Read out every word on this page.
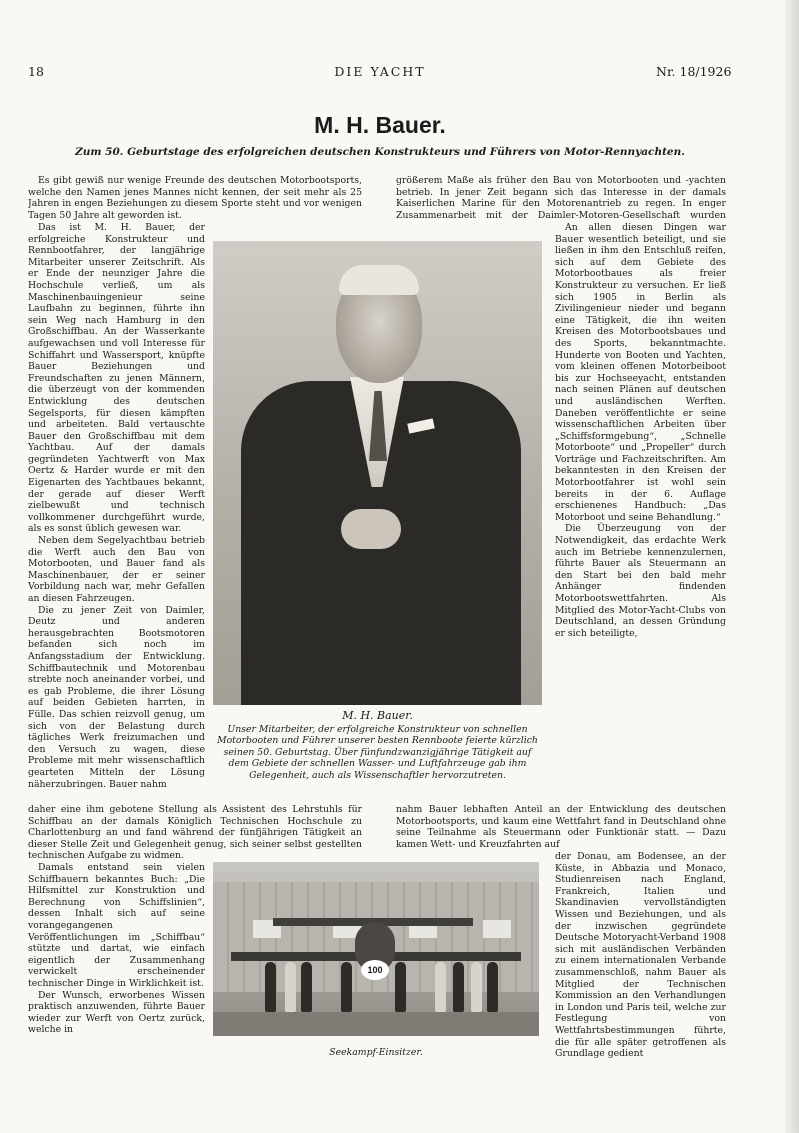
18	DIE YACHT	Nr. 18/1926
M. H. Bauer.
Zum 50. Geburtstage des erfolgreichen deutschen Konstrukteurs und Führers von Motor-Rennyachten.

Es gibt gewiß nur wenige Freunde des deutschen Motorbootsports, welche den Namen jenes Mannes nicht kennen, der seit mehr als 25 Jahren in engen Beziehungen zu diesem Sporte steht und vor wenigen Tagen 50 Jahre alt geworden ist.

Das ist M. H. Bauer, der erfolgreiche Konstrukteur und Rennbootfahrer, der langjährige Mitarbeiter unserer Zeitschrift. Als er Ende der neunziger Jahre die Hochschule verließ, um als Maschinenbauingenieur seine Laufbahn zu beginnen, führte ihn sein Weg nach Hamburg in den Großschiffbau. An der Wasserkante aufgewachsen und voll Interesse für Schiffahrt und Wassersport, knüpfte Bauer Beziehungen und Freundschaften zu jenen Männern, die überzeugt von der kommenden Entwicklung des deutschen Segelsports, für diesen kämpften und arbeiteten. Bald vertauschte Bauer den Großschiffbau mit dem Yachtbau. Auf der damals gegründeten Yachtwerft von Max Oertz & Harder wurde er mit den Eigenarten des Yachtbaues bekannt, der gerade auf dieser Werft zielbewußt und technisch vollkommener durchgeführt wurde, als es sonst üblich gewesen war.

Neben dem Segelyachtbau betrieb die Werft auch den Bau von Motorbooten, und Bauer fand als Maschinenbauer, der er seiner Vorbildung nach war, mehr Gefallen an diesen Fahrzeugen.

Die zu jener Zeit von Daimler, Deutz und anderen herausgebrachten Bootsmotoren befanden sich noch im Anfangsstadium der Entwicklung. Schiffbautechnik und Motorenbau strebte noch aneinander vorbei, und es gab Probleme, die ihrer Lösung auf beiden Gebieten harrten, in Fülle. Das schien reizvoll genug, um sich von der Belastung durch tägliches Werk freizumachen und den Versuch zu wagen, diese Probleme mit mehr wissenschaftlich gearteten Mitteln der Lösung näherzubringen. Bauer nahm

daher eine ihm gebotene Stellung als Assistent des Lehrstuhls für Schiffbau an der damals Königlich Technischen Hochschule zu Charlottenburg an und fand während der fünfjährigen Tätigkeit an dieser Stelle Zeit und Gelegenheit genug, sich seiner selbst gestellten technischen Aufgabe zu widmen.

Damals entstand sein vielen Schiffbauern bekanntes Buch: „Die Hilfsmittel zur Konstruktion und Berechnung von Schiffslinien“, dessen Inhalt sich auf seine vorangegangenen Veröffentlichungen im „Schiffbau“ stützte und dartat, wie einfach eigentlich der Zusammenhang verwickelt erscheinender technischer Dinge in Wirklichkeit ist.

Der Wunsch, erworbenes Wissen praktisch anzuwenden, führte Bauer wieder zur Werft von Oertz zurück, welche in

nahm Bauer lebhaften Anteil an der Entwicklung des deutschen Motorbootsports, und kaum eine Wettfahrt fand in Deutschland ohne seine Teilnahme als Steuermann oder Funktionär statt. — Dazu kamen Wett- und Kreuzfahrten auf

größerem Maße als früher den Bau von Motorbooten und -yachten betrieb. In jener Zeit begann sich das Interesse in der damals Kaiserlichen Marine für den Motorenantrieb zu regen. In enger Zusammenarbeit mit der Daimler-Motoren-Gesellschaft wurden

An allen diesen Dingen war Bauer wesentlich beteiligt, und sie ließen in ihm den Entschluß reifen, sich auf dem Gebiete des Motorbootbaues als freier Konstrukteur zu versuchen. Er ließ sich 1905 in Berlin als Zivilingenieur nieder und begann eine Tätigkeit, die ihn weiten Kreisen des Motorbootsbaues und des Sports, bekanntmachte. Hunderte von Booten und Yachten, vom kleinen offenen Motorbeiboot bis zur Hochseeyacht, entstanden nach seinen Plänen auf deutschen und ausländischen Werften. Daneben veröffentlichte er seine wissenschaftlichen Arbeiten über „Schiffsformgebung“, „Schnelle Motorboote“ und „Propeller“ durch Vorträge und Fachzeitschriften. Am bekanntesten in den Kreisen der Motorbootfahrer ist wohl sein bereits in der 6. Auflage erschienenes Handbuch: „Das Motorboot und seine Behandlung.“

Die Überzeugung von der Notwendigkeit, das erdachte Werk auch im Betriebe kennenzulernen, führte Bauer als Steuermann an den Start bei den bald mehr Anhänger findenden Motorbootswettfahrten. Als Mitglied des Motor-Yacht-Clubs von Deutschland, an dessen Gründung er sich beteiligte,

der Donau, am Bodensee, an der Küste, in Abbazia und Monaco, Studienreisen nach England, Frankreich, Italien und Skandinavien vervollständigten Wissen und Beziehungen, und als der inzwischen gegründete Deutsche Motoryacht-Verband 1908 sich mit ausländischen Verbänden zu einem internationalen Verbande zusammenschloß, nahm Bauer als Mitglied der Technischen Kommission an den Verhandlungen in London und Paris teil, welche zur Festlegung von Wettfahrtsbestimmungen führte, die für alle später getroffenen als Grundlage gedient

M. H. Bauer.
Unser Mitarbeiter, der erfolgreiche Konstrukteur von schnellen Motorbooten und Führer unserer besten Rennboote feierte kürzlich seinen 50. Geburtstag. Über fünfundzwanzigjährige Tätigkeit auf dem Gebiete der schnellen Wasser- und Luftfahrzeuge gab ihm Gelegenheit, auch als Wissenschaftler hervorzutreten.
100
Seekampf-Einsitzer.
